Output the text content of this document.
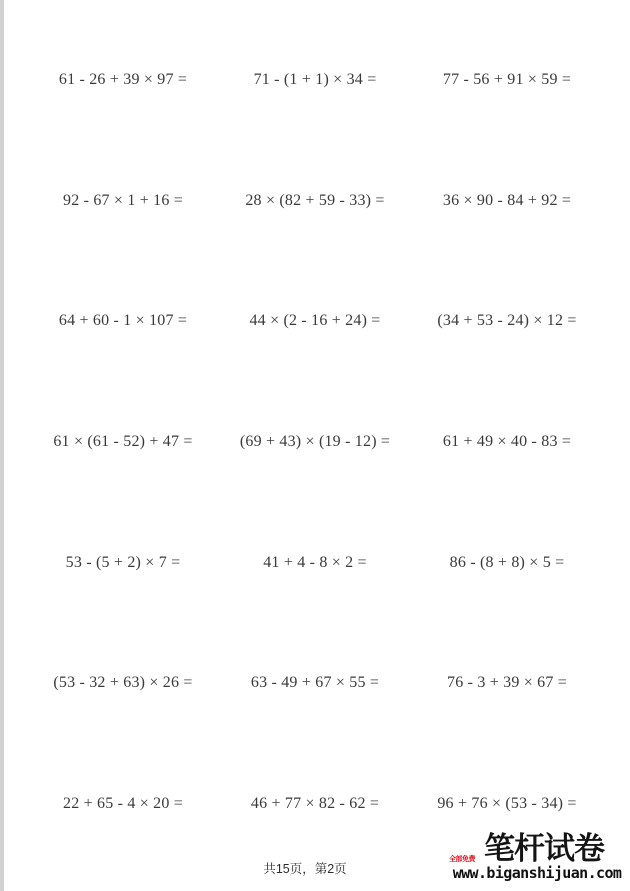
61 - 26 + 39 × 97 =	71 - (1 + 1) × 34 =	77 - 56 + 91 × 59 =
92 - 67 × 1 + 16 =	28 × (82 + 59 - 33) =	36 × 90 - 84 + 92 =
64 + 60 - 1 × 107 =	44 × (2 - 16 + 24) =	(34 + 53 - 24) × 12 =
61 × (61 - 52) + 47 =	(69 + 43) × (19 - 12) =	61 + 49 × 40 - 83 =
53 - (5 + 2) × 7 =	41 + 4 - 8 × 2 =	86 - (8 + 8) × 5 =
(53 - 32 + 63) × 26 =	63 - 49 + 67 × 55 =	76 - 3 + 39 × 67 =
22 + 65 - 4 × 20 =	46 + 77 × 82 - 62 =	96 + 76 × (53 - 34) =
共15页，第2页
全部免费 笔杆试卷
www.biganshijuan.com
